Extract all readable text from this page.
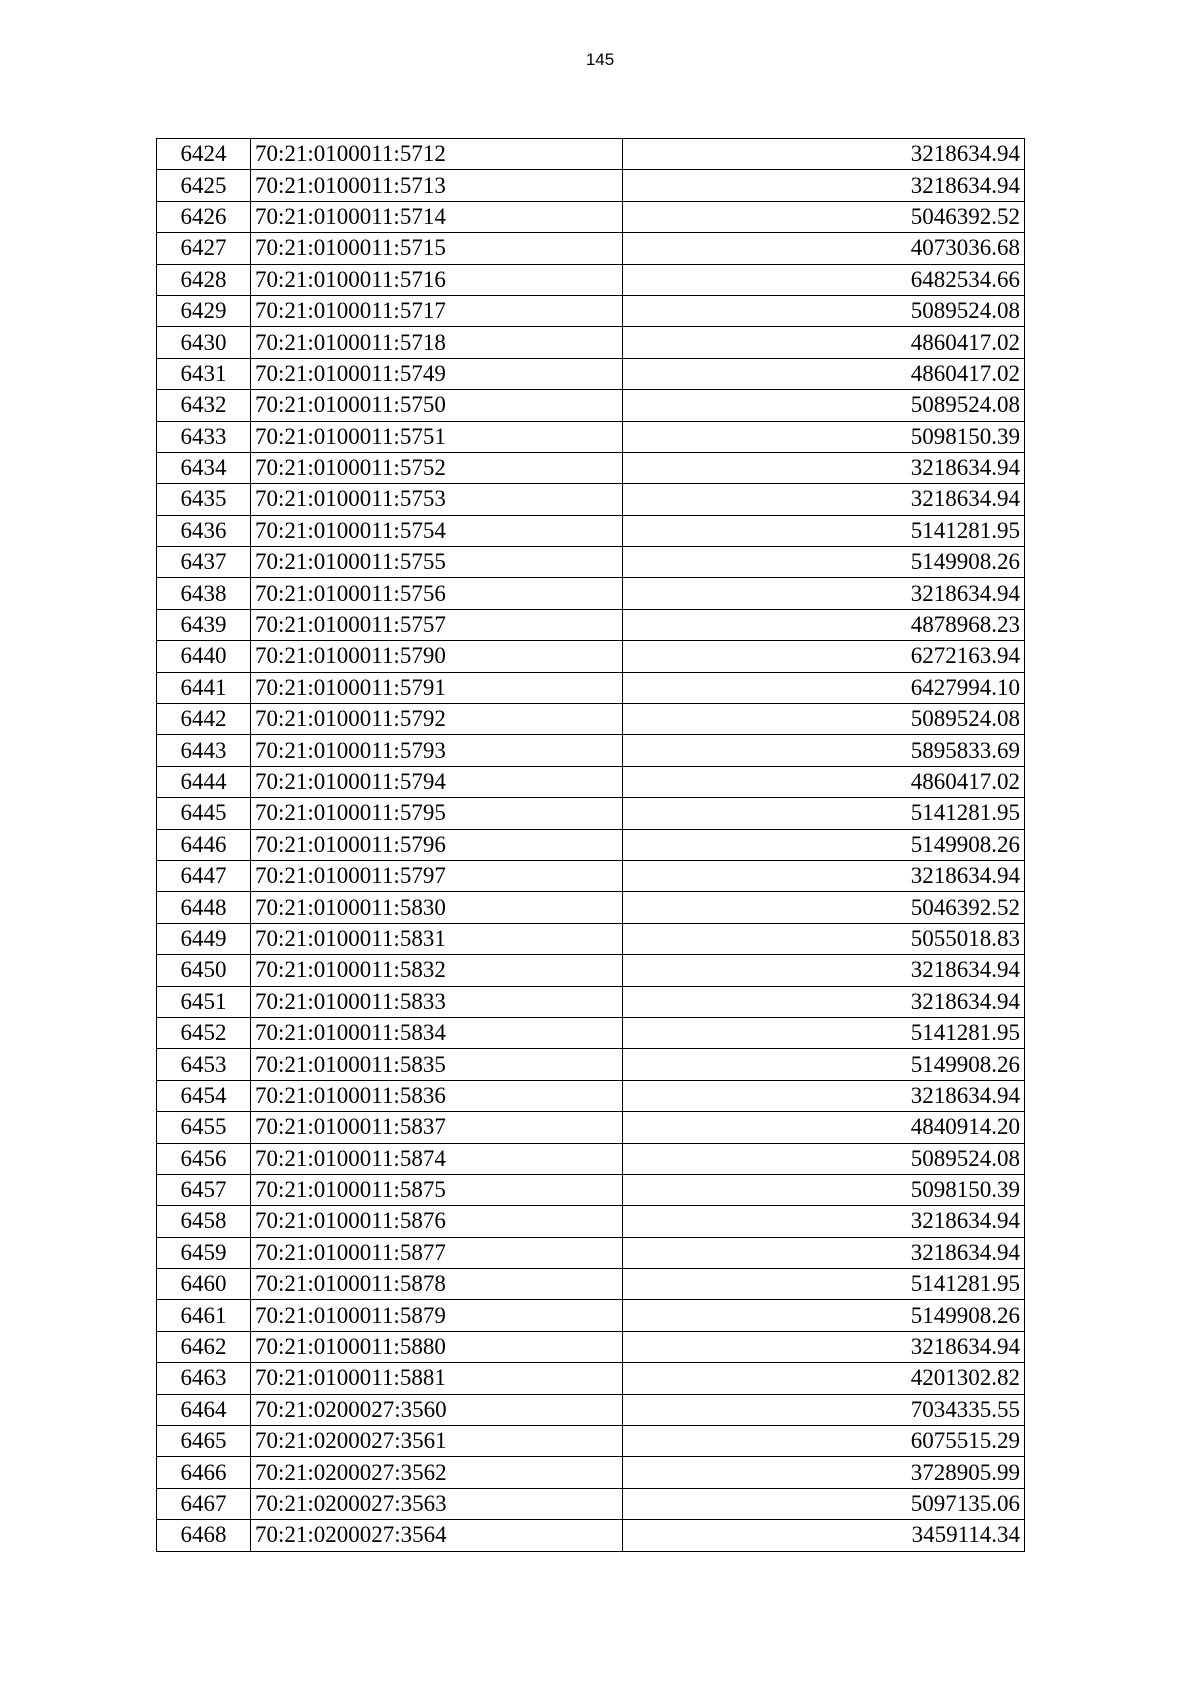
145
6424	70:21:0100011:5712	3218634.94
6425	70:21:0100011:5713	3218634.94
6426	70:21:0100011:5714	5046392.52
6427	70:21:0100011:5715	4073036.68
6428	70:21:0100011:5716	6482534.66
6429	70:21:0100011:5717	5089524.08
6430	70:21:0100011:5718	4860417.02
6431	70:21:0100011:5749	4860417.02
6432	70:21:0100011:5750	5089524.08
6433	70:21:0100011:5751	5098150.39
6434	70:21:0100011:5752	3218634.94
6435	70:21:0100011:5753	3218634.94
6436	70:21:0100011:5754	5141281.95
6437	70:21:0100011:5755	5149908.26
6438	70:21:0100011:5756	3218634.94
6439	70:21:0100011:5757	4878968.23
6440	70:21:0100011:5790	6272163.94
6441	70:21:0100011:5791	6427994.10
6442	70:21:0100011:5792	5089524.08
6443	70:21:0100011:5793	5895833.69
6444	70:21:0100011:5794	4860417.02
6445	70:21:0100011:5795	5141281.95
6446	70:21:0100011:5796	5149908.26
6447	70:21:0100011:5797	3218634.94
6448	70:21:0100011:5830	5046392.52
6449	70:21:0100011:5831	5055018.83
6450	70:21:0100011:5832	3218634.94
6451	70:21:0100011:5833	3218634.94
6452	70:21:0100011:5834	5141281.95
6453	70:21:0100011:5835	5149908.26
6454	70:21:0100011:5836	3218634.94
6455	70:21:0100011:5837	4840914.20
6456	70:21:0100011:5874	5089524.08
6457	70:21:0100011:5875	5098150.39
6458	70:21:0100011:5876	3218634.94
6459	70:21:0100011:5877	3218634.94
6460	70:21:0100011:5878	5141281.95
6461	70:21:0100011:5879	5149908.26
6462	70:21:0100011:5880	3218634.94
6463	70:21:0100011:5881	4201302.82
6464	70:21:0200027:3560	7034335.55
6465	70:21:0200027:3561	6075515.29
6466	70:21:0200027:3562	3728905.99
6467	70:21:0200027:3563	5097135.06
6468	70:21:0200027:3564	3459114.34
